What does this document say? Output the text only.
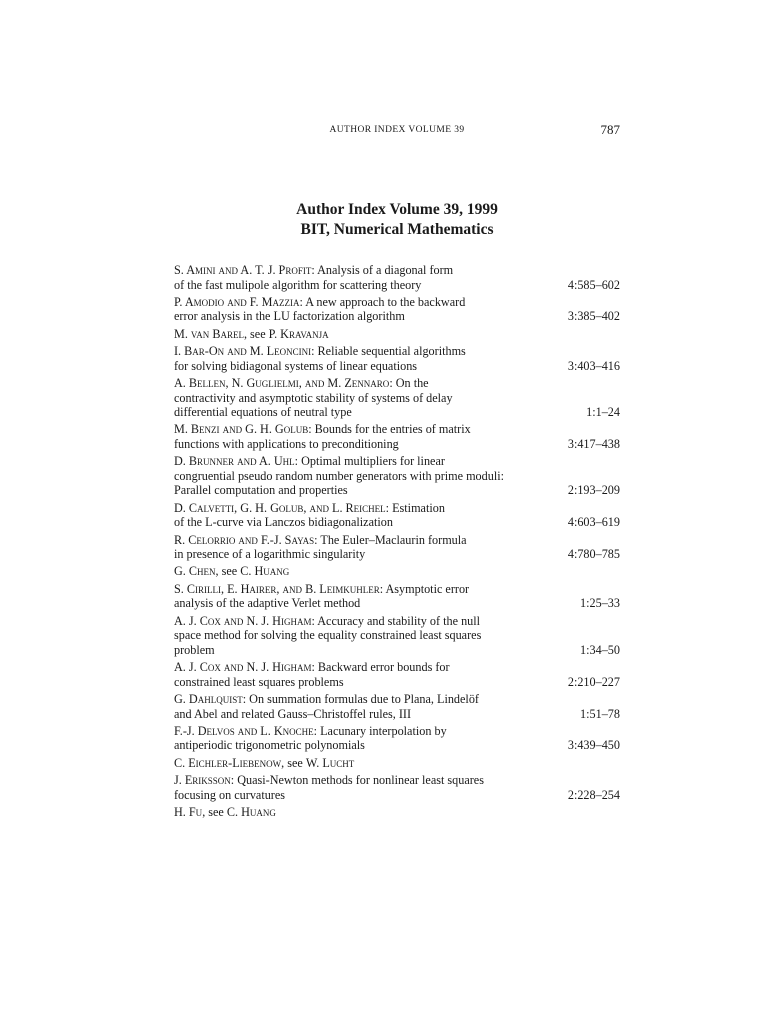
AUTHOR INDEX VOLUME 39	787
Author Index Volume 39, 1999
BIT, Numerical Mathematics
S. Amini and A. T. J. Profit: Analysis of a diagonal form
of the fast mulipole algorithm for scattering theory	4:585–602
P. Amodio and F. Mazzia: A new approach to the backward
error analysis in the LU factorization algorithm	3:385–402
M. van Barel, see P. Kravanja
I. Bar-On and M. Leoncini: Reliable sequential algorithms
for solving bidiagonal systems of linear equations	3:403–416
A. Bellen, N. Guglielmi, and M. Zennaro: On the
contractivity and asymptotic stability of systems of delay
differential equations of neutral type	1:1–24
M. Benzi and G. H. Golub: Bounds for the entries of matrix
functions with applications to preconditioning	3:417–438
D. Brunner and A. Uhl: Optimal multipliers for linear
congruential pseudo random number generators with prime moduli:
Parallel computation and properties	2:193–209
D. Calvetti, G. H. Golub, and L. Reichel: Estimation
of the L-curve via Lanczos bidiagonalization	4:603–619
R. Celorrio and F.-J. Sayas: The Euler–Maclaurin formula
in presence of a logarithmic singularity	4:780–785
G. Chen, see C. Huang
S. Cirilli, E. Hairer, and B. Leimkuhler: Asymptotic error
analysis of the adaptive Verlet method	1:25–33
A. J. Cox and N. J. Higham: Accuracy and stability of the null
space method for solving the equality constrained least squares
problem	1:34–50
A. J. Cox and N. J. Higham: Backward error bounds for
constrained least squares problems	2:210–227
G. Dahlquist: On summation formulas due to Plana, Lindelöf
and Abel and related Gauss–Christoffel rules, III	1:51–78
F.-J. Delvos and L. Knoche: Lacunary interpolation by
antiperiodic trigonometric polynomials	3:439–450
C. Eichler-Liebenow, see W. Lucht
J. Eriksson: Quasi-Newton methods for nonlinear least squares
focusing on curvatures	2:228–254
H. Fu, see C. Huang
